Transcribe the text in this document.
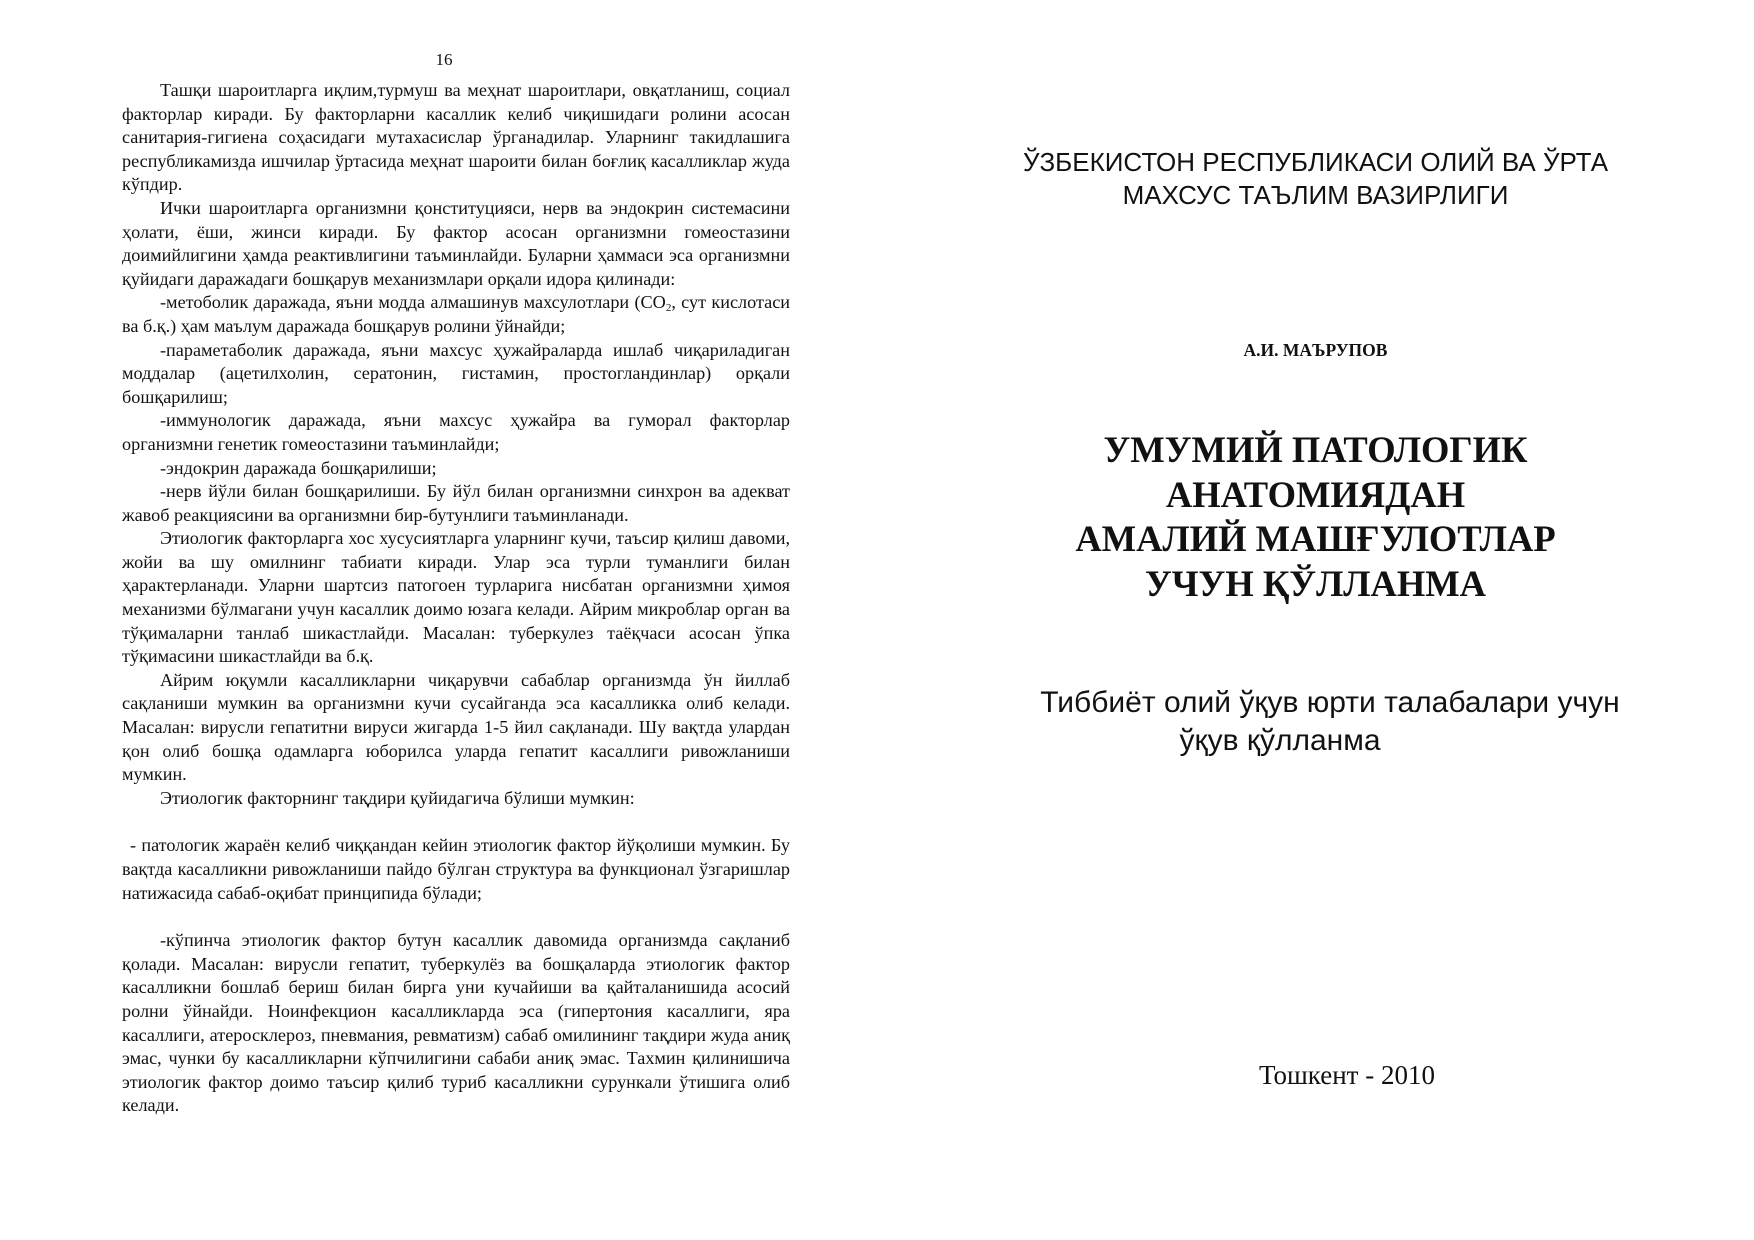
16

Ташқи шароитларга иқлим,турмуш ва меҳнат шароитлари, овқатланиш, социал факторлар киради. Бу факторларни касаллик келиб чиқишидаги ролини асосан санитария-гигиена соҳасидаги мутахасислар ўрганадилар. Уларнинг такидлашига республикамизда ишчилар ўртасида меҳнат шароити билан боғлиқ касалликлар жуда кўпдир.

Ички шароитларга организмни қонституцияси, нерв ва эндокрин системасини ҳолати, ёши, жинси киради. Бу фактор асосан организмни гомеостазини доимийлигини ҳамда реактивлигини таъминлайди. Буларни ҳаммаси эса организмни қуйидаги даражадаги бошқарув механизмлари орқали идора қилинади:

-метоболик даражада, яъни модда алмашинув махсулотлари ($СО_2$, сут кислотаси ва б.қ.) ҳам маълум даражада бошқарув ролини ўйнайди;

-параметаболик даражада, яъни махсус ҳужайраларда ишлаб чиқариладиган моддалар (ацетилхолин, сератонин, гистамин, простогландинлар) орқали бошқарилиш;

-иммунологик даражада, яъни махсус ҳужайра ва гуморал факторлар организмни генетик гомеостазини таъминлайди;

-эндокрин даражада бошқарилиши;

-нерв йўли билан бошқарилиши. Бу йўл билан организмни синхрон ва адекват жавоб реакциясини ва организмни бир-бутунлиги таъминланади.

Этиологик факторларга хос хусусиятларга уларнинг кучи, таъсир қилиш давоми, жойи ва шу омилнинг табиати киради. Улар эса турли туманлиги билан ҳарактерланади. Уларни шартсиз патогоен турларига нисбатан организмни ҳимоя механизми бўлмагани учун касаллик доимо юзага келади. Айрим микроблар орган ва тўқималарни танлаб шикастлайди. Масалан: туберкулез таёқчаси асосан ўпка тўқимасини шикастлайди ва б.қ.

Айрим юқумли касалликларни чиқарувчи сабаблар организмда ўн йиллаб сақланиши мумкин ва организмни кучи сусайганда эса касалликка олиб келади. Масалан: вирусли гепатитни вируси жигарда 1-5 йил сақланади. Шу вақтда улардан қон олиб бошқа одамларга юборилса уларда гепатит касаллиги ривожланиши мумкин.

Этиологик факторнинг тақдири қуйидагича бўлиши мумкин:

- патологик жараён келиб чиққандан кейин этиологик фактор йўқолиши мумкин. Бу вақтда касалликни ривожланиши пайдо бўлган структура ва функционал ўзгаришлар натижасида сабаб-оқибат принципида бўлади;

-кўпинча этиологик фактор бутун касаллик давомида организмда сақланиб қолади. Масалан: вирусли гепатит, туберкулёз ва бошқаларда этиологик фактор касалликни бошлаб бериш билан бирга уни кучайиши ва қайталанишида асосий ролни ўйнайди. Ноинфекцион касалликларда эса (гипертония касаллиги, яра касаллиги, атеросклероз, пневмания, ревматизм) сабаб омилининг тақдири жуда аниқ эмас, чунки бу касалликларни кўпчилигини сабаби аниқ эмас. Тахмин қилинишича этиологик фактор доимо таъсир қилиб туриб касалликни сурункали ўтишига олиб келади.

ЎЗБЕКИСТОН РЕСПУБЛИКАСИ ОЛИЙ ВА ЎРТА
МАХСУС ТАЪЛИМ ВАЗИРЛИГИ
А.И. МАЪРУПОВ
УМУМИЙ ПАТОЛОГИК
АНАТОМИЯДАН
АМАЛИЙ МАШҒУЛОТЛАР
УЧУН ҚЎЛЛАНМА
Тиббиёт олий ўқув юрти талабалари учун
ўқув қўлланма
Тошкент - 2010
